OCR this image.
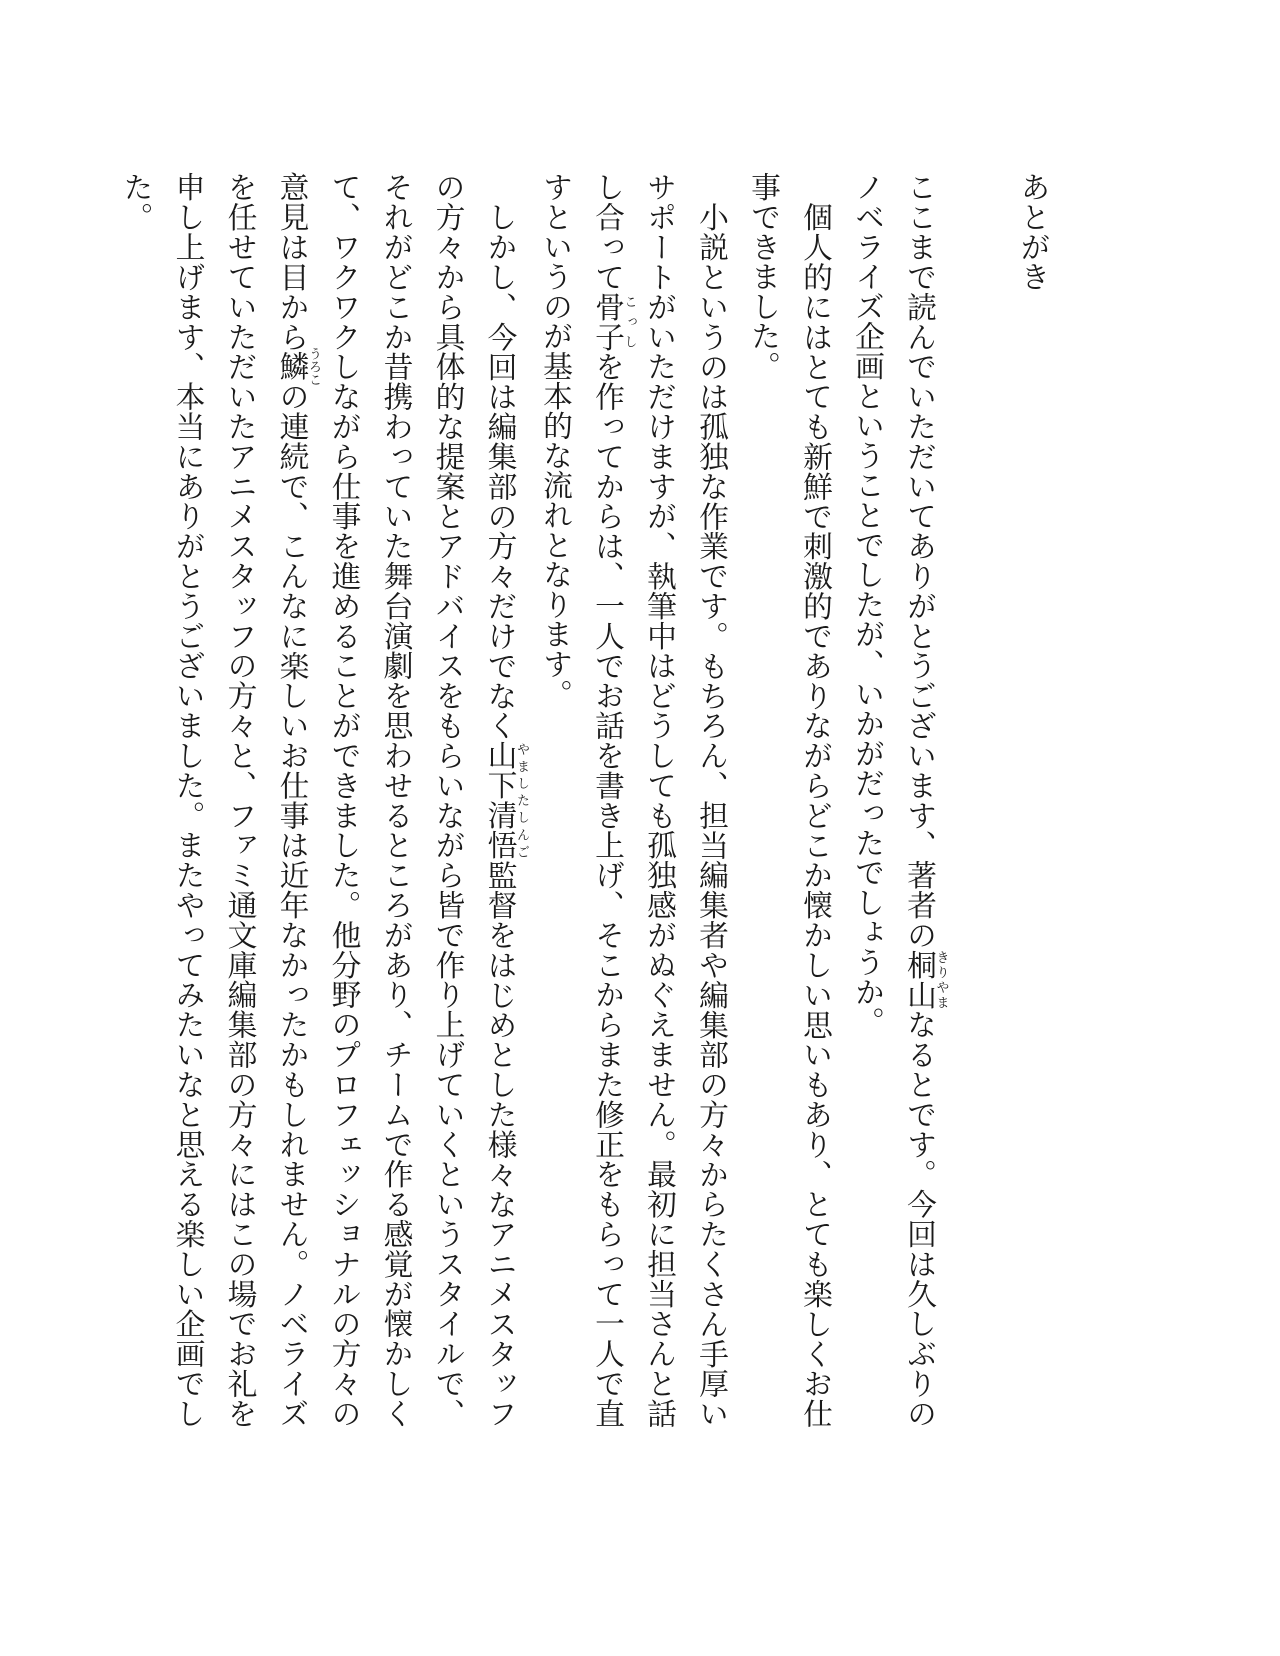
あとがき
ここまで読んでいただいてありがとうございます、著者の桐山きりやまなるとです。今回は久しぶりのノベライズ企画ということでしたが、いかがだったでしょうか。
個人的にはとても新鮮で刺激的でありながらどこか懐かしい思いもあり、とても楽しくお仕事できました。
小説というのは孤独な作業です。もちろん、担当編集者や編集部の方々からたくさん手厚いサポートがいただけますが、執筆中はどうしても孤独感がぬぐえません。最初に担当さんと話し合って骨子こっしを作ってからは、一人でお話を書き上げ、そこからまた修正をもらって一人で直すというのが基本的な流れとなります。
しかし、今回は編集部の方々だけでなく山下清悟やましたしんご監督をはじめとした様々なアニメスタッフの方々から具体的な提案とアドバイスをもらいながら皆で作り上げていくというスタイルで、それがどこか昔携わっていた舞台演劇を思わせるところがあり、チームで作る感覚が懐かしくて、ワクワクしながら仕事を進めることができました。他分野のプロフェッショナルの方々の意見は目から鱗うろこの連続で、こんなに楽しいお仕事は近年なかったかもしれません。ノベライズを任せていただいたアニメスタッフの方々と、ファミ通文庫編集部の方々にはこの場でお礼を申し上げます、本当にありがとうございました。またやってみたいなと思える楽しい企画でした。
